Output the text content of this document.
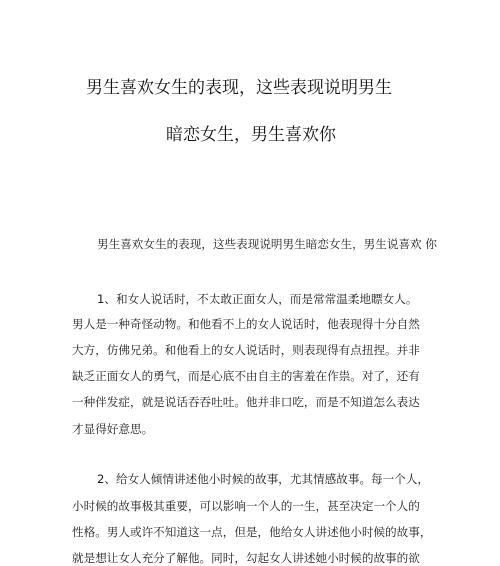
男生喜欢女生的表现，这些表现说明男生
暗恋女生，男生喜欢你
男生喜欢女生的表现，这些表现说明男生暗恋女生，男生说喜欢 你
1、和女人说话时，不太敢正面女人，而是常常温柔地瞟女人。
男人是一种奇怪动物。和他看不上的女人说话时，他表现得十分自然
大方，仿佛兄弟。和他看上的女人说话时，则表现得有点扭捏。并非
缺乏正面女人的勇气，而是心底不由自主的害羞在作祟。对了，还有
一种伴发症，就是说话吞吞吐吐。他并非口吃，而是不知道怎么表达
才显得好意思。
2、给女人倾情讲述他小时候的故事，尤其情感故事。每一个人，
小时候的故事极其重要，可以影响一个人的一生，甚至决定一个人的
性格。男人或许不知道这一点，但是，他给女人讲述他小时候的故事，
就是想让女人充分了解他。同时，勾起女人讲述她小时候的故事的欲
